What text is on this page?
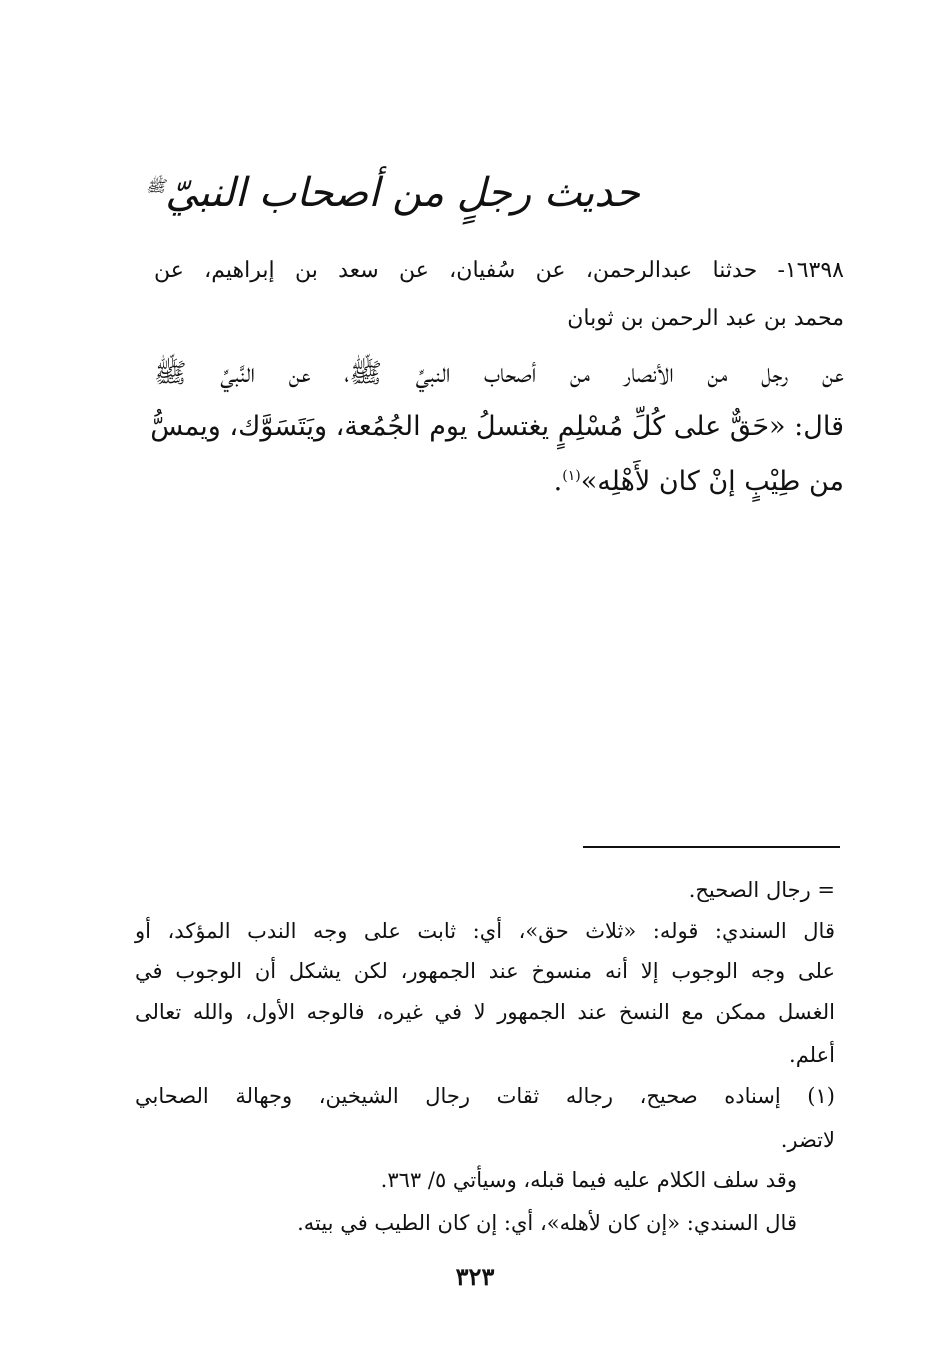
حديث رجلٍ من أصحاب النبيّ$^ﷺ$
١٦٣٩٨- حدثنا عبدالرحمن، عن سُفيان، عن سعد بن إبراهيم، عن
محمد بن عبد الرحمن بن ثوبان
عن رجل من الأنصار من أصحاب النبيِّ ﷺ، عن النَّبيِّ ﷺ
قال: «حَقٌّ على كُلِّ مُسْلِمٍ يغتسلُ يوم الجُمُعة، ويَتَسَوَّك، ويمسُّ
من طِيْبٍ إنْ كان لأَهْلِه»$^{(١)}$.
= رجال الصحيح.
قال السندي: قوله: «ثلاث حق»، أي: ثابت على وجه الندب المؤكد، أو
على وجه الوجوب إلا أنه منسوخ عند الجمهور، لكن يشكل أن الوجوب في
الغسل ممكن مع النسخ عند الجمهور لا في غيره، فالوجه الأول، والله تعالى
أعلم.
(١) إسناده صحيح، رجاله ثقات رجال الشيخين، وجهالة الصحابي
لاتضر.
وقد سلف الكلام عليه فيما قبله، وسيأتي ٥/ ٣٦٣.
قال السندي: «إن كان لأهله»، أي: إن كان الطيب في بيته.
٣٢٣
